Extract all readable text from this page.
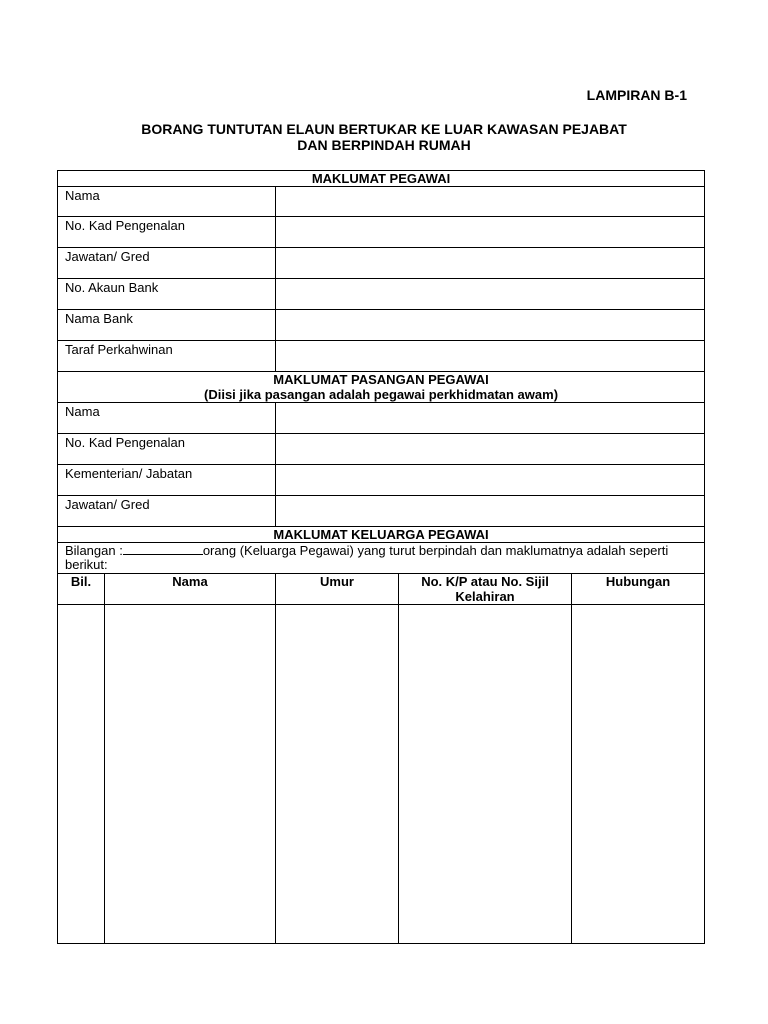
LAMPIRAN B-1
BORANG TUNTUTAN ELAUN BERTUKAR KE LUAR KAWASAN PEJABAT
DAN BERPINDAH RUMAH
MAKLUMAT PEGAWAI				
Nama				
No. Kad Pengenalan				
Jawatan/ Gred				
No. Akaun Bank				
Nama Bank				
Taraf Perkahwinan				

MAKLUMAT PASANGAN PEGAWAI
(Diisi jika pasangan adalah pegawai perkhidmatan awam)				

Nama				
No. Kad Pengenalan				
Kementerian/ Jabatan				
Jawatan/ Gred				
MAKLUMAT KELUARGA PEGAWAI				
Bilangan : orang (Keluarga Pegawai) yang turut berpindah dan maklumatnya adalah seperti berikut:				
Bil.	Nama	Umur	No. K/P atau No. Sijil Kelahiran	Hubungan
